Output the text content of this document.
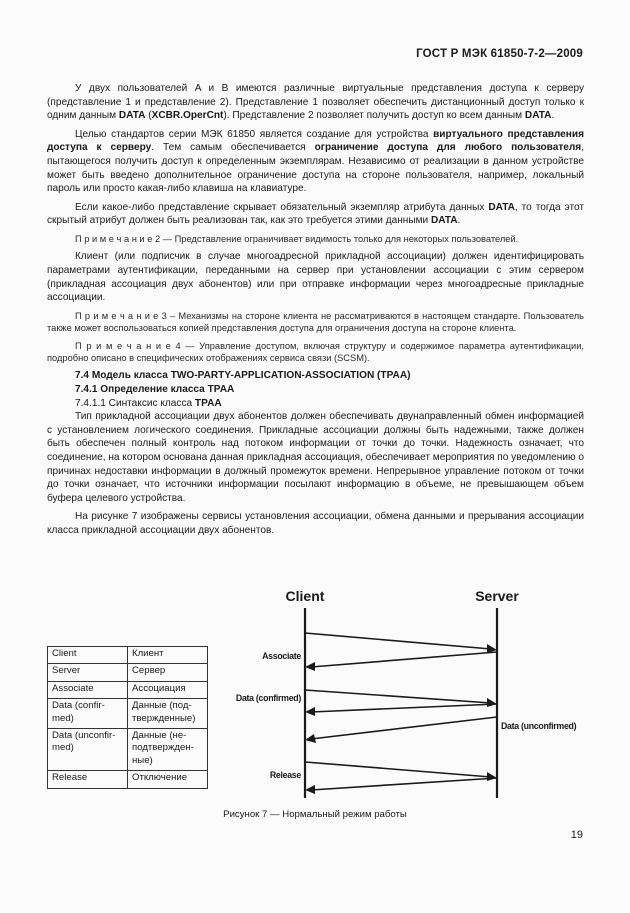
ГОСТ Р МЭК 61850-7-2—2009

У двух пользователей A и B имеются различные виртуальные представления доступа к серверу (представление 1 и представление 2). Представление 1 позволяет обеспечить дистанционный доступ только к одним данным DATA (XCBR.OperCnt). Представление 2 позволяет получить доступ ко всем данным DATA.

Целью стандартов серии МЭК 61850 является создание для устройства виртуального представления доступа к серверу. Тем самым обеспечивается ограничение доступа для любого пользователя, пытающегося получить доступ к определенным экземплярам. Независимо от реализации в данном устройстве может быть введено дополнительное ограничение доступа на стороне пользователя, например, локальный пароль или просто какая-либо клавиша на клавиатуре.

Если какое-либо представление скрывает обязательный экземпляр атрибута данных DATA, то тогда этот скрытый атрибут должен быть реализован так, как это требуется этими данными DATA.

П р и м е ч а н и е 2 — Представление ограничивает видимость только для некоторых пользователей.

Клиент (или подписчик в случае многоадресной прикладной ассоциации) должен идентифицировать параметрами аутентификации, переданными на сервер при установлении ассоциации с этим сервером (прикладная ассоциация двух абонентов) или при отправке информации через многоадресные прикладные ассоциации.

П р и м е ч а н и е 3 – Механизмы на стороне клиента не рассматриваются в настоящем стандарте. Пользователь также может воспользоваться копией представления доступа для ограничения доступа на стороне клиента.

П р и м е ч а н и е 4 — Управление доступом, включая структуру и содержимое параметра аутентификации, подробно описано в специфических отображениях сервиса связи (SCSM).

7.4 Модель класса TWO-PARTY-APPLICATION-ASSOCIATION (TPAA)
7.4.1 Определение класса TPAA
7.4.1.1 Синтаксис класса TPAA

Тип прикладной ассоциации двух абонентов должен обеспечивать двунаправленный обмен информацией с установлением логического соединения. Прикладные ассоциации должны быть надежными, также должен быть обеспечен полный контроль над потоком информации от точки до точки. Надежность означает, что соединение, на котором основана данная прикладная ассоциация, обеспечивает мероприятия по уведомлению о причинах недоставки информации в должный промежуток времени. Непрерывное управление потоком от точки до точки означает, что источники информации посылают информацию в объеме, не превышающем объем буфера целевого устройства.

На рисунке 7 изображены сервисы установления ассоциации, обмена данными и прерывания ассоциации класса прикладной ассоциации двух абонентов.

Client	Клиент
Server	Сервер
Associate	Ассоциация
Data (confir-med)	Данные (под-твержденные)
Data (unconfir-med)	Данные (не-подтвержден-ные)
Release	Отключение
Client	Server
Associate
Data (confirmed)
Data (unconfirmed)
Release
Рисунок 7 — Нормальный режим работы
19
